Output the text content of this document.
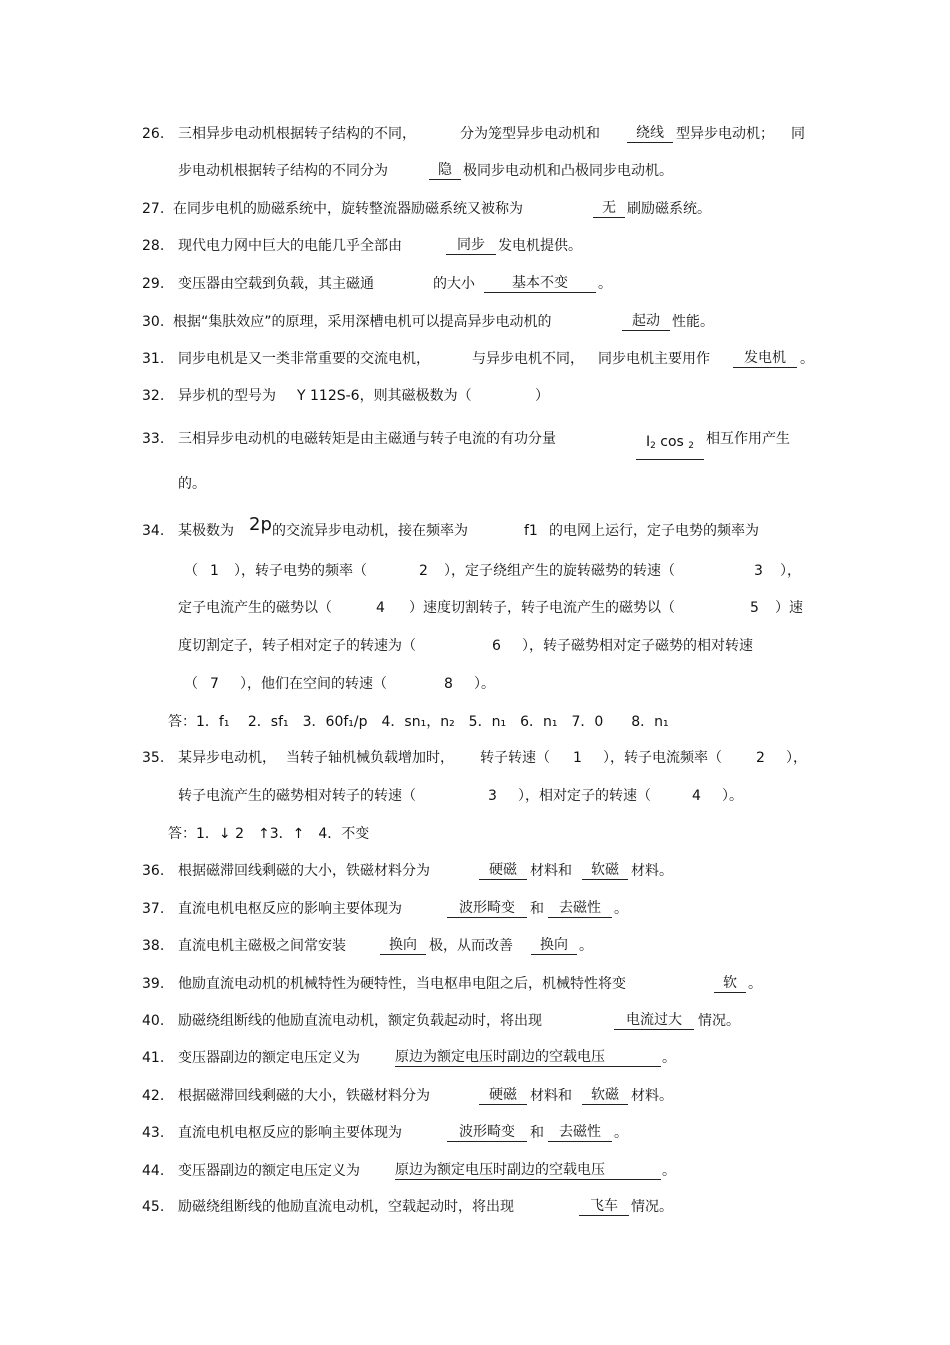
26. 三相异步电动机根据转子结构的不同，	分为笼型异步电动机和	绕线 型异步电动机； 同
步电动机根据转子结构的不同分为	隐 极同步电动机和凸极同步电动机。
27. 在同步电机的励磁系统中，旋转整流器励磁系统又被称为	无 刷励磁系统。
28. 现代电力网中巨大的电能几乎全部由	同步 发电机提供。
29. 变压器由空载到负载，其主磁通	的大小	基本不变	。
30. 根据“集肤效应”的原理，采用深槽电机可以提高异步电动机的	起动 性能。
31. 同步电机是又一类非常重要的交流电机，	与异步电机不同， 同步电机主要用作	发电机	。
32. 异步机的型号为 Y 112S-6，则其磁极数为（	）
33. 三相异步电动机的电磁转矩是由主磁通与转子电流的有功分量	$I_2$ cos $_2$ 相互作用产生
的。
34. 某极数为 2p 的交流异步电动机，接在频率为	f1 的电网上运行，定子电势的频率为
（ 1 ），转子电势的频率（	2 ），定子绕组产生的旋转磁势的转速（	3 ），
定子电流产生的磁势以（	4 ）速度切割转子，转子电流产生的磁势以（	5 ）速
度切割定子，转子相对定子的转速为（	6 ），转子磁势相对定子磁势的相对转速
（ 7 ），他们在空间的转速（	8 ）。
答：1．f₁　 2．sf₁　3．60f₁/p　4．sn₁，n₂　5．n₁　6．n₁　7．0　　8．n₁
35. 某异步电动机， 当转子轴机械负载增加时， 转子转速（ 1 ），转子电流频率（ 2 ），
转子电流产生的磁势相对转子的转速（	3 ），相对定子的转速（	4 ）。
答：1．↓ 2　↑3．↑　4．不变
36. 根据磁滞回线剩磁的大小，铁磁材料分为	硬磁 材料和	软磁 材料。
37. 直流电机电枢反应的影响主要体现为	波形畸变	和	去磁性 。
38. 直流电机主磁极之间常安装	换向 极，从而改善	换向 。
39. 他励直流电动机的机械特性为硬特性，当电枢串电阻之后，机械特性将变	软 。
40. 励磁绕组断线的他励直流电动机，额定负载起动时，将出现	电流过大	情况。
41. 变压器副边的额定电压定义为	原边为额定电压时副边的空载电压	。
42. 根据磁滞回线剩磁的大小，铁磁材料分为	硬磁 材料和	软磁 材料。
43. 直流电机电枢反应的影响主要体现为	波形畸变	和	去磁性 。
44. 变压器副边的额定电压定义为	原边为额定电压时副边的空载电压	。
45. 励磁绕组断线的他励直流电动机，空载起动时，将出现	飞车 情况。
